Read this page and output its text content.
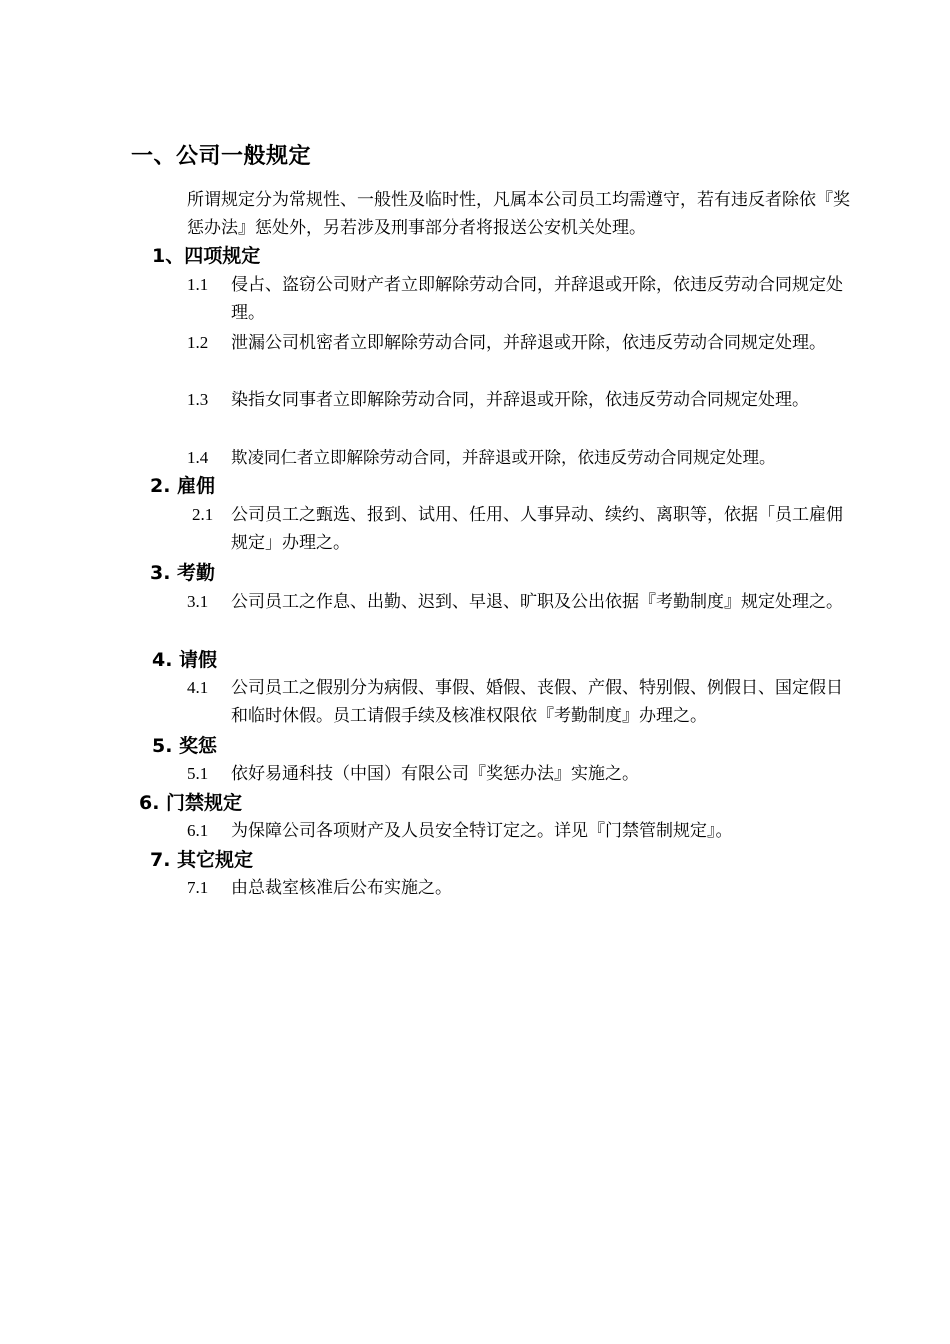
一、公司一般规定
所谓规定分为常规性、一般性及临时性，凡属本公司员工均需遵守，若有违反者除依『奖惩办法』惩处外，另若涉及刑事部分者将报送公安机关处理。
1、四项规定
1.1	侵占、盗窃公司财产者立即解除劳动合同，并辞退或开除，依违反劳动合同规定处理。
1.2	泄漏公司机密者立即解除劳动合同，并辞退或开除，依违反劳动合同规定处理。
1.3	染指女同事者立即解除劳动合同，并辞退或开除，依违反劳动合同规定处理。
1.4	欺凌同仁者立即解除劳动合同，并辞退或开除，依违反劳动合同规定处理。
2. 雇佣
2.1	公司员工之甄选、报到、试用、任用、人事异动、续约、离职等，依据「员工雇佣规定」办理之。
3. 考勤
3.1	公司员工之作息、出勤、迟到、早退、旷职及公出依据『考勤制度』规定处理之。
4. 请假
4.1	公司员工之假别分为病假、事假、婚假、丧假、产假、特别假、例假日、国定假日和临时休假。员工请假手续及核准权限依『考勤制度』办理之。
5. 奖惩
5.1	依好易通科技（中国）有限公司『奖惩办法』实施之。
6. 门禁规定
6.1	为保障公司各项财产及人员安全特订定之。详见『门禁管制规定』。
7. 其它规定
7.1	由总裁室核准后公布实施之。
